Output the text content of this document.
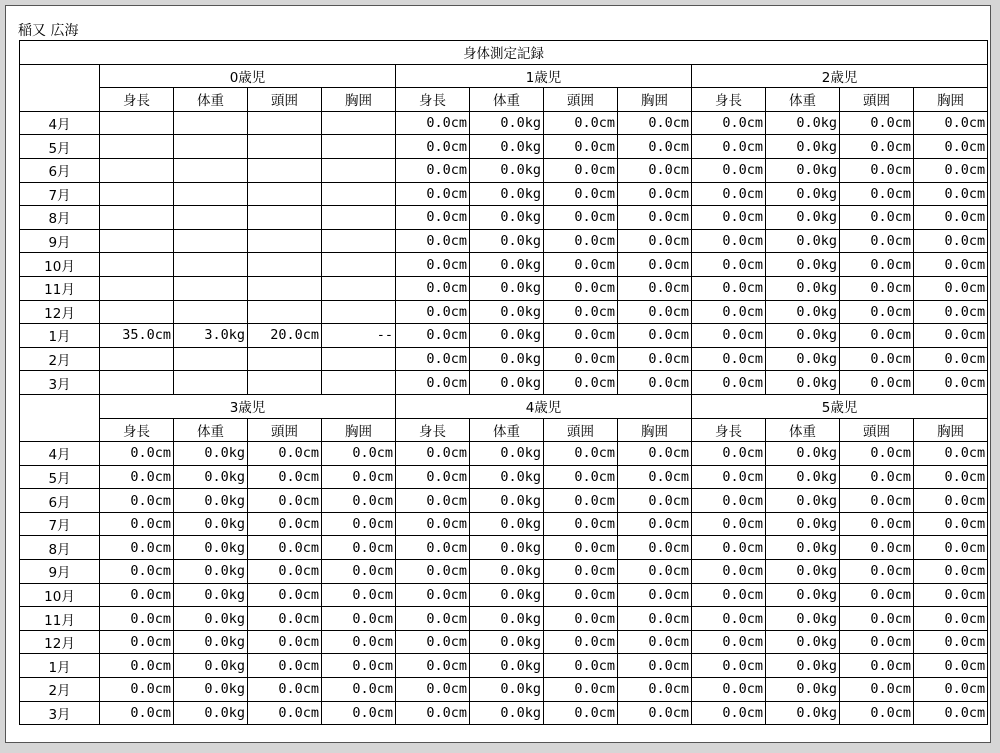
稲又 広海
身体測定記録												
	0歳児				1歳児				2歳児			
	身長	体重	頭囲	胸囲	身長	体重	頭囲	胸囲	身長	体重	頭囲	胸囲
4月					0.0cm	0.0kg	0.0cm	0.0cm	0.0cm	0.0kg	0.0cm	0.0cm
5月					0.0cm	0.0kg	0.0cm	0.0cm	0.0cm	0.0kg	0.0cm	0.0cm
6月					0.0cm	0.0kg	0.0cm	0.0cm	0.0cm	0.0kg	0.0cm	0.0cm
7月					0.0cm	0.0kg	0.0cm	0.0cm	0.0cm	0.0kg	0.0cm	0.0cm
8月					0.0cm	0.0kg	0.0cm	0.0cm	0.0cm	0.0kg	0.0cm	0.0cm
9月					0.0cm	0.0kg	0.0cm	0.0cm	0.0cm	0.0kg	0.0cm	0.0cm
10月					0.0cm	0.0kg	0.0cm	0.0cm	0.0cm	0.0kg	0.0cm	0.0cm
11月					0.0cm	0.0kg	0.0cm	0.0cm	0.0cm	0.0kg	0.0cm	0.0cm
12月					0.0cm	0.0kg	0.0cm	0.0cm	0.0cm	0.0kg	0.0cm	0.0cm
1月	35.0cm	3.0kg	20.0cm	--	0.0cm	0.0kg	0.0cm	0.0cm	0.0cm	0.0kg	0.0cm	0.0cm
2月					0.0cm	0.0kg	0.0cm	0.0cm	0.0cm	0.0kg	0.0cm	0.0cm
3月					0.0cm	0.0kg	0.0cm	0.0cm	0.0cm	0.0kg	0.0cm	0.0cm
	3歳児				4歳児				5歳児			
	身長	体重	頭囲	胸囲	身長	体重	頭囲	胸囲	身長	体重	頭囲	胸囲
4月	0.0cm	0.0kg	0.0cm	0.0cm	0.0cm	0.0kg	0.0cm	0.0cm	0.0cm	0.0kg	0.0cm	0.0cm
5月	0.0cm	0.0kg	0.0cm	0.0cm	0.0cm	0.0kg	0.0cm	0.0cm	0.0cm	0.0kg	0.0cm	0.0cm
6月	0.0cm	0.0kg	0.0cm	0.0cm	0.0cm	0.0kg	0.0cm	0.0cm	0.0cm	0.0kg	0.0cm	0.0cm
7月	0.0cm	0.0kg	0.0cm	0.0cm	0.0cm	0.0kg	0.0cm	0.0cm	0.0cm	0.0kg	0.0cm	0.0cm
8月	0.0cm	0.0kg	0.0cm	0.0cm	0.0cm	0.0kg	0.0cm	0.0cm	0.0cm	0.0kg	0.0cm	0.0cm
9月	0.0cm	0.0kg	0.0cm	0.0cm	0.0cm	0.0kg	0.0cm	0.0cm	0.0cm	0.0kg	0.0cm	0.0cm
10月	0.0cm	0.0kg	0.0cm	0.0cm	0.0cm	0.0kg	0.0cm	0.0cm	0.0cm	0.0kg	0.0cm	0.0cm
11月	0.0cm	0.0kg	0.0cm	0.0cm	0.0cm	0.0kg	0.0cm	0.0cm	0.0cm	0.0kg	0.0cm	0.0cm
12月	0.0cm	0.0kg	0.0cm	0.0cm	0.0cm	0.0kg	0.0cm	0.0cm	0.0cm	0.0kg	0.0cm	0.0cm
1月	0.0cm	0.0kg	0.0cm	0.0cm	0.0cm	0.0kg	0.0cm	0.0cm	0.0cm	0.0kg	0.0cm	0.0cm
2月	0.0cm	0.0kg	0.0cm	0.0cm	0.0cm	0.0kg	0.0cm	0.0cm	0.0cm	0.0kg	0.0cm	0.0cm
3月	0.0cm	0.0kg	0.0cm	0.0cm	0.0cm	0.0kg	0.0cm	0.0cm	0.0cm	0.0kg	0.0cm	0.0cm
